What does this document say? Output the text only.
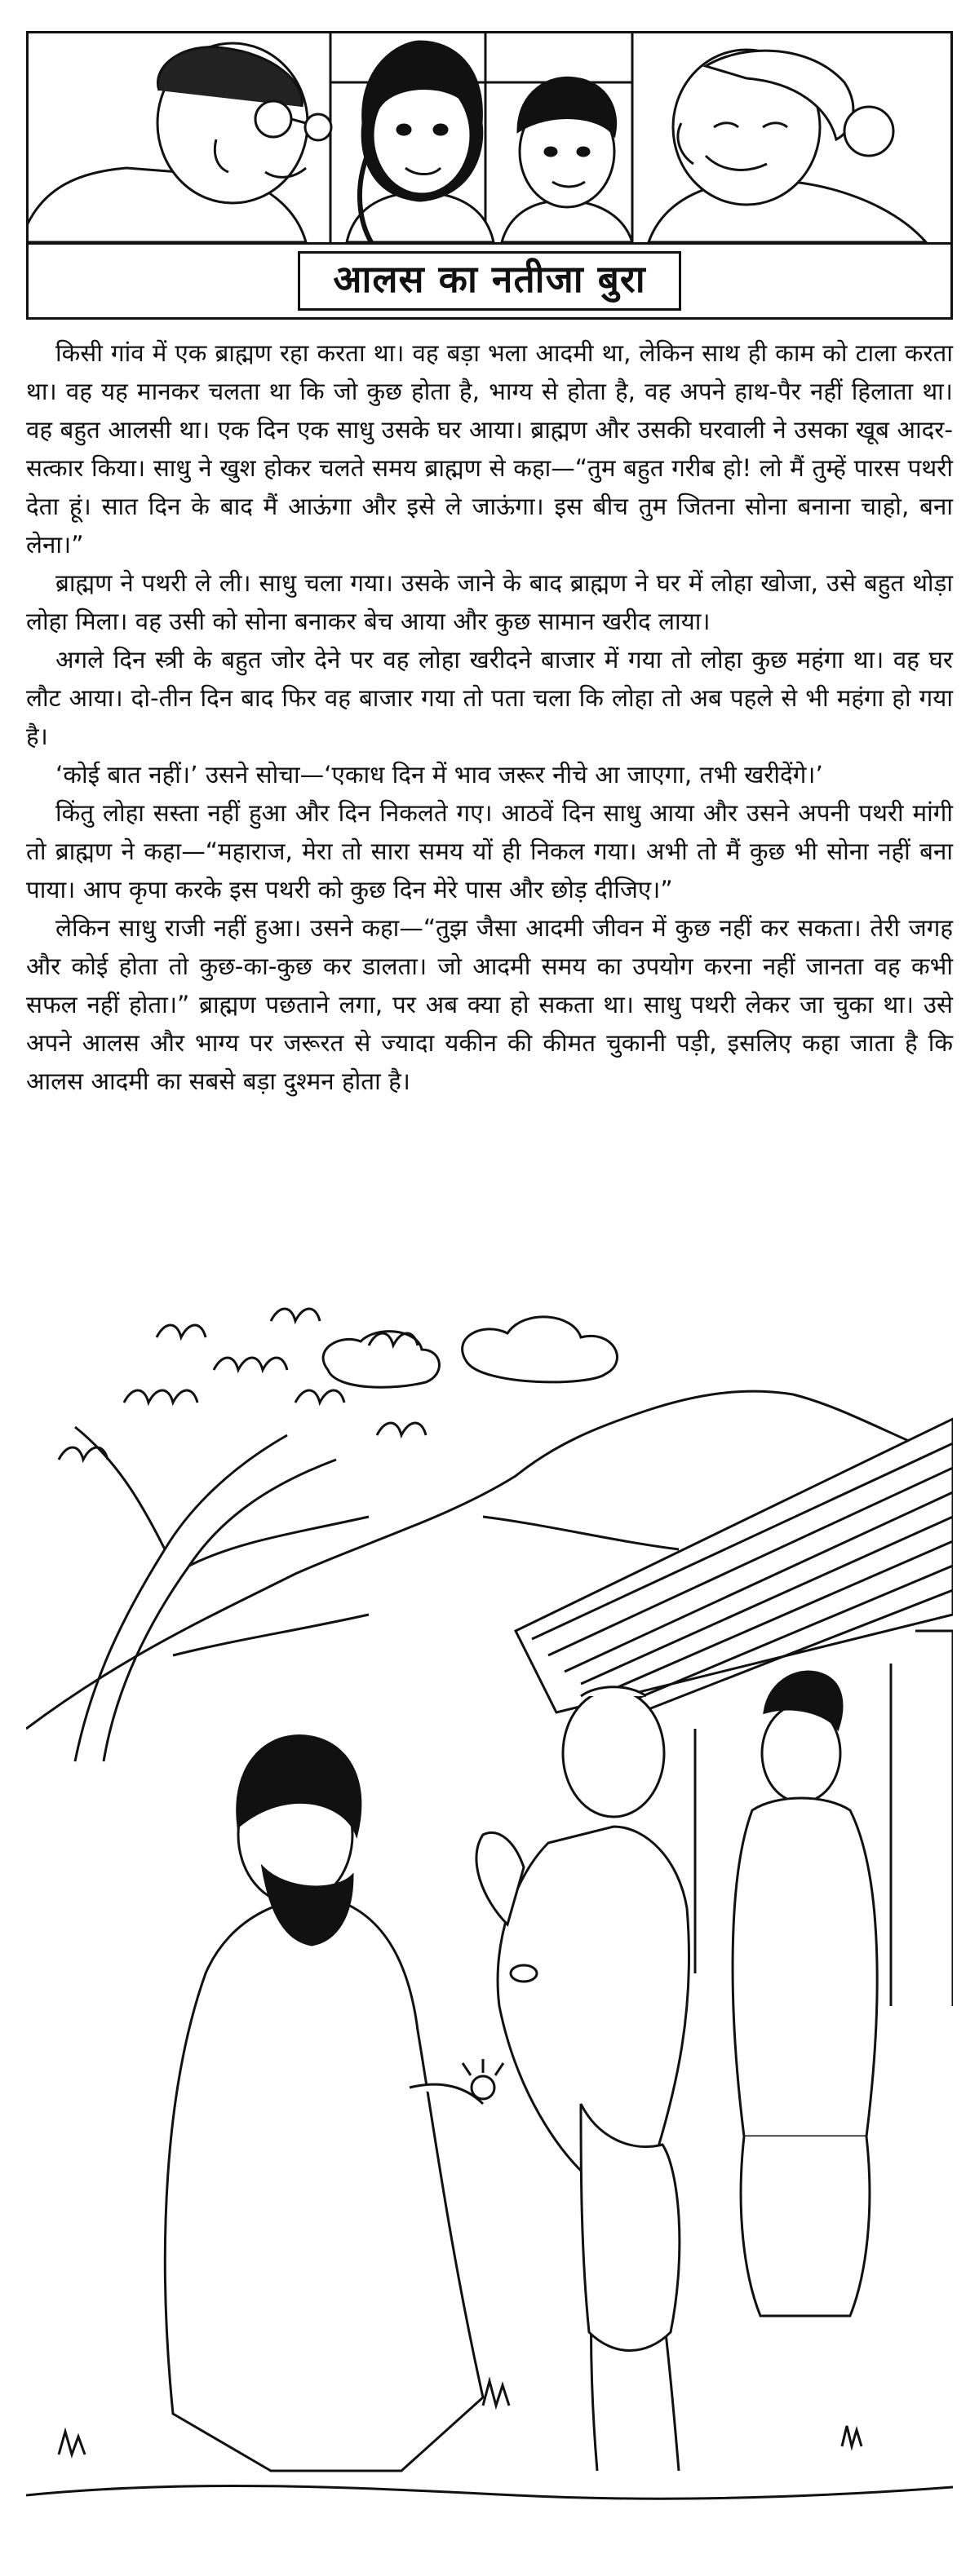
आलस का नतीजा बुरा

किसी गांव में एक ब्राह्मण रहा करता था। वह बड़ा भला आदमी था, लेकिन साथ ही काम को टाला करता था। वह यह मानकर चलता था कि जो कुछ होता है, भाग्य से होता है, वह अपने हाथ-पैर नहीं हिलाता था। वह बहुत आलसी था। एक दिन एक साधु उसके घर आया। ब्राह्मण और उसकी घरवाली ने उसका खूब आदर-सत्कार किया। साधु ने खुश होकर चलते समय ब्राह्मण से कहा—“तुम बहुत गरीब हो! लो मैं तुम्हें पारस पथरी देता हूं। सात दिन के बाद मैं आऊंगा और इसे ले जाऊंगा। इस बीच तुम जितना सोना बनाना चाहो, बना लेना।”

ब्राह्मण ने पथरी ले ली। साधु चला गया। उसके जाने के बाद ब्राह्मण ने घर में लोहा खोजा, उसे बहुत थोड़ा लोहा मिला। वह उसी को सोना बनाकर बेच आया और कुछ सामान खरीद लाया।

अगले दिन स्त्री के बहुत जोर देने पर वह लोहा खरीदने बाजार में गया तो लोहा कुछ महंगा था। वह घर लौट आया। दो-तीन दिन बाद फिर वह बाजार गया तो पता चला कि लोहा तो अब पहले से भी महंगा हो गया है।

‘कोई बात नहीं।’ उसने सोचा—‘एकाध दिन में भाव जरूर नीचे आ जाएगा, तभी खरीदेंगे।’

किंतु लोहा सस्ता नहीं हुआ और दिन निकलते गए। आठवें दिन साधु आया और उसने अपनी पथरी मांगी तो ब्राह्मण ने कहा—“महाराज, मेरा तो सारा समय यों ही निकल गया। अभी तो मैं कुछ भी सोना नहीं बना पाया। आप कृपा करके इस पथरी को कुछ दिन मेरे पास और छोड़ दीजिए।”

लेकिन साधु राजी नहीं हुआ। उसने कहा—“तुझ जैसा आदमी जीवन में कुछ नहीं कर सकता। तेरी जगह और कोई होता तो कुछ-का-कुछ कर डालता। जो आदमी समय का उपयोग करना नहीं जानता वह कभी सफल नहीं होता।” ब्राह्मण पछताने लगा, पर अब क्या हो सकता था। साधु पथरी लेकर जा चुका था। उसे अपने आलस और भाग्य पर जरूरत से ज्यादा यकीन की कीमत चुकानी पड़ी, इसलिए कहा जाता है कि आलस आदमी का सबसे बड़ा दुश्मन होता है।
